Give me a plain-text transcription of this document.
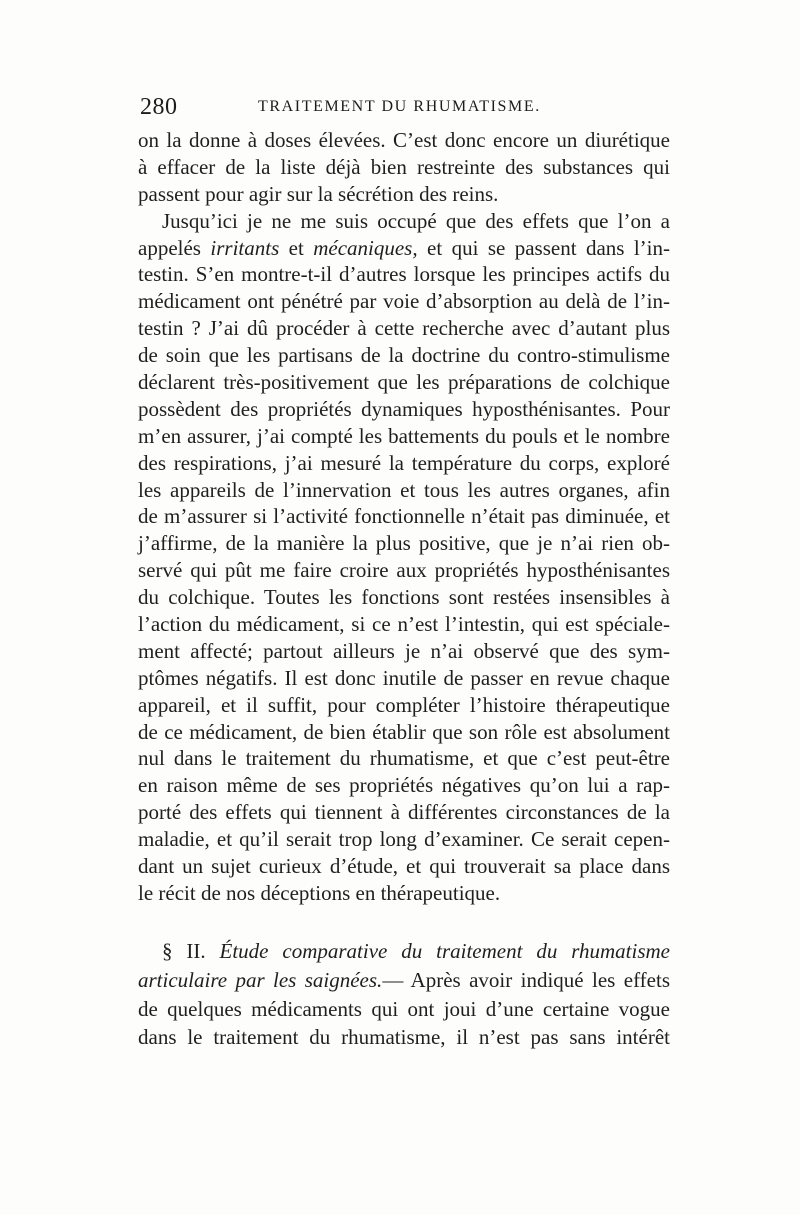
280	TRAITEMENT DU RHUMATISME.
on la donne à doses élevées. C’est donc encore un diurétique
à effacer de la liste déjà bien restreinte des substances qui
passent pour agir sur la sécrétion des reins.
Jusqu’ici je ne me suis occupé que des effets que l’on a
appelés irritants et mécaniques, et qui se passent dans l’in-
testin. S’en montre-t-il d’autres lorsque les principes actifs du
médicament ont pénétré par voie d’absorption au delà de l’in-
testin ? J’ai dû procéder à cette recherche avec d’autant plus
de soin que les partisans de la doctrine du contro-stimulisme
déclarent très-positivement que les préparations de colchique
possèdent des propriétés dynamiques hyposthénisantes. Pour
m’en assurer, j’ai compté les battements du pouls et le nombre
des respirations, j’ai mesuré la température du corps, exploré
les appareils de l’innervation et tous les autres organes, afin
de m’assurer si l’activité fonctionnelle n’était pas diminuée, et
j’affirme, de la manière la plus positive, que je n’ai rien ob-
servé qui pût me faire croire aux propriétés hyposthénisantes
du colchique. Toutes les fonctions sont restées insensibles à
l’action du médicament, si ce n’est l’intestin, qui est spéciale-
ment affecté; partout ailleurs je n’ai observé que des sym-
ptômes négatifs. Il est donc inutile de passer en revue chaque
appareil, et il suffit, pour compléter l’histoire thérapeutique
de ce médicament, de bien établir que son rôle est absolument
nul dans le traitement du rhumatisme, et que c’est peut-être
en raison même de ses propriétés négatives qu’on lui a rap-
porté des effets qui tiennent à différentes circonstances de la
maladie, et qu’il serait trop long d’examiner. Ce serait cepen-
dant un sujet curieux d’étude, et qui trouverait sa place dans
le récit de nos déceptions en thérapeutique.
§ II. Étude comparative du traitement du rhumatisme
articulaire par les saignées.— Après avoir indiqué les effets
de quelques médicaments qui ont joui d’une certaine vogue
dans le traitement du rhumatisme, il n’est pas sans intérêt
